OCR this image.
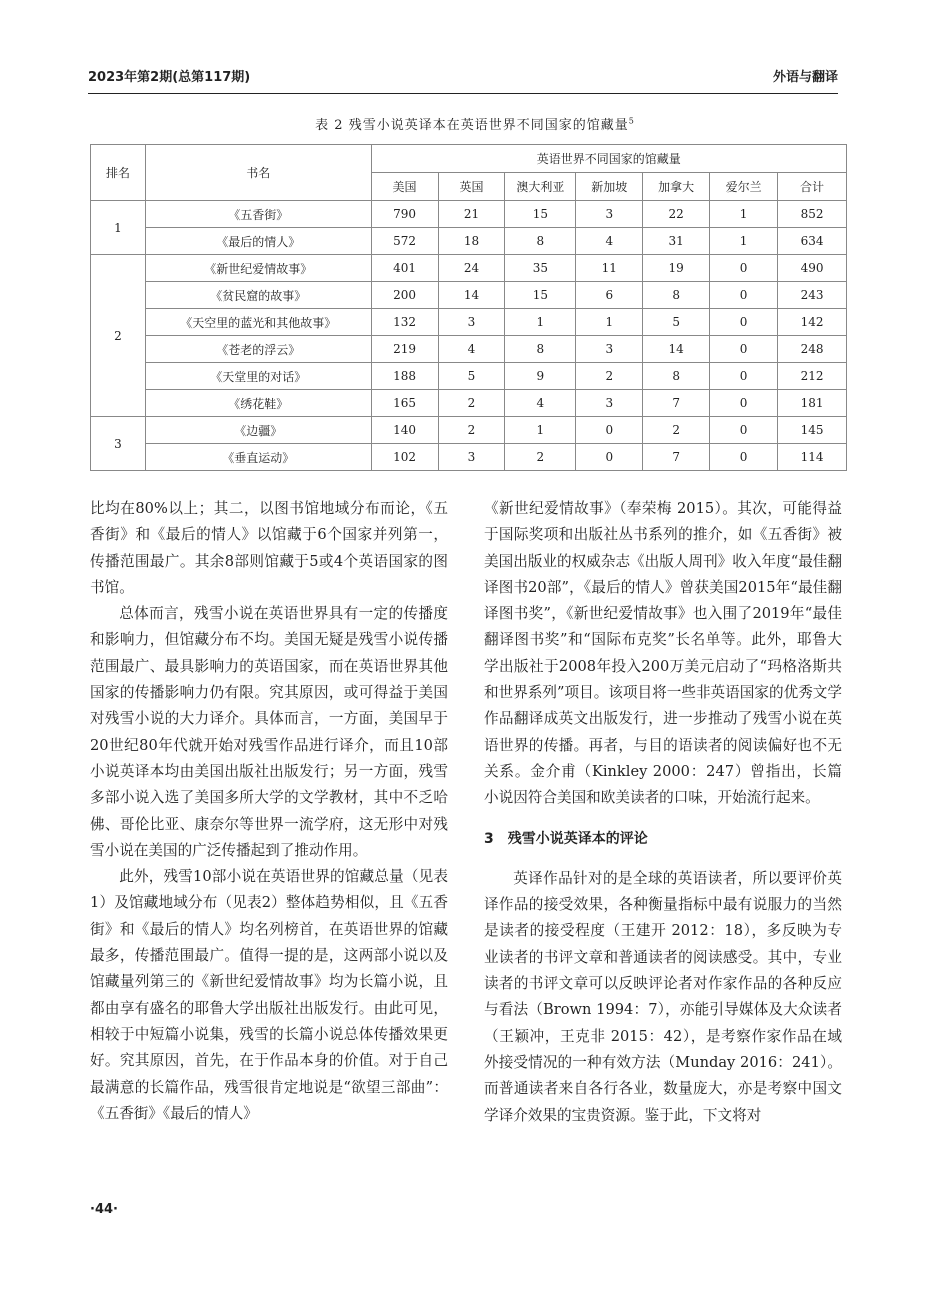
2023年第2期(总第117期)	外语与翻译
表 2 残雪小说英译本在英语世界不同国家的馆藏量$^5$
排名	书名	英语世界不同国家的馆藏量						
		美国	英国	澳大利亚	新加坡	加拿大	爱尔兰	合计
1	《五香街》	790	21	15	3	22	1	852
	《最后的情人》	572	18	8	4	31	1	634
2	《新世纪爱情故事》	401	24	35	11	19	0	490
	《贫民窟的故事》	200	14	15	6	8	0	243
	《天空里的蓝光和其他故事》	132	3	1	1	5	0	142
	《苍老的浮云》	219	4	8	3	14	0	248
	《天堂里的对话》	188	5	9	2	8	0	212
	《绣花鞋》	165	2	4	3	7	0	181
3	《边疆》	140	2	1	0	2	0	145
	《垂直运动》	102	3	2	0	7	0	114

比均在80%以上；其二，以图书馆地域分布而论，《五香街》和《最后的情人》以馆藏于6个国家并列第一，传播范围最广。其余8部则馆藏于5或4个英语国家的图书馆。

总体而言，残雪小说在英语世界具有一定的传播度和影响力，但馆藏分布不均。美国无疑是残雪小说传播范围最广、最具影响力的英语国家，而在英语世界其他国家的传播影响力仍有限。究其原因，或可得益于美国对残雪小说的大力译介。具体而言，一方面，美国早于20世纪80年代就开始对残雪作品进行译介，而且10部小说英译本均由美国出版社出版发行；另一方面，残雪多部小说入选了美国多所大学的文学教材，其中不乏哈佛、哥伦比亚、康奈尔等世界一流学府，这无形中对残雪小说在美国的广泛传播起到了推动作用。

此外，残雪10部小说在英语世界的馆藏总量（见表1）及馆藏地域分布（见表2）整体趋势相似，且《五香街》和《最后的情人》均名列榜首，在英语世界的馆藏最多，传播范围最广。值得一提的是，这两部小说以及馆藏量列第三的《新世纪爱情故事》均为长篇小说，且都由享有盛名的耶鲁大学出版社出版发行。由此可见，相较于中短篇小说集，残雪的长篇小说总体传播效果更好。究其原因，首先，在于作品本身的价值。对于自己最满意的长篇作品，残雪很肯定地说是“欲望三部曲”：《五香街》《最后的情人》

《新世纪爱情故事》（奉荣梅 2015）。其次，可能得益于国际奖项和出版社丛书系列的推介，如《五香街》被美国出版业的权威杂志《出版人周刊》收入年度“最佳翻译图书20部”，《最后的情人》曾获美国2015年“最佳翻译图书奖”，《新世纪爱情故事》也入围了2019年“最佳翻译图书奖”和“国际布克奖”长名单等。此外，耶鲁大学出版社于2008年投入200万美元启动了“玛格洛斯共和世界系列”项目。该项目将一些非英语国家的优秀文学作品翻译成英文出版发行，进一步推动了残雪小说在英语世界的传播。再者，与目的语读者的阅读偏好也不无关系。金介甫（Kinkley 2000：247）曾指出，长篇小说因符合美国和欧美读者的口味，开始流行起来。

3 残雪小说英译本的评论

英译作品针对的是全球的英语读者，所以要评价英译作品的接受效果，各种衡量指标中最有说服力的当然是读者的接受程度（王建开 2012：18），多反映为专业读者的书评文章和普通读者的阅读感受。其中，专业读者的书评文章可以反映评论者对作家作品的各种反应与看法（Brown 1994：7），亦能引导媒体及大众读者（王颖冲，王克非 2015：42），是考察作家作品在域外接受情况的一种有效方法（Munday 2016：241）。而普通读者来自各行各业，数量庞大，亦是考察中国文学译介效果的宝贵资源。鉴于此，下文将对

·44·
